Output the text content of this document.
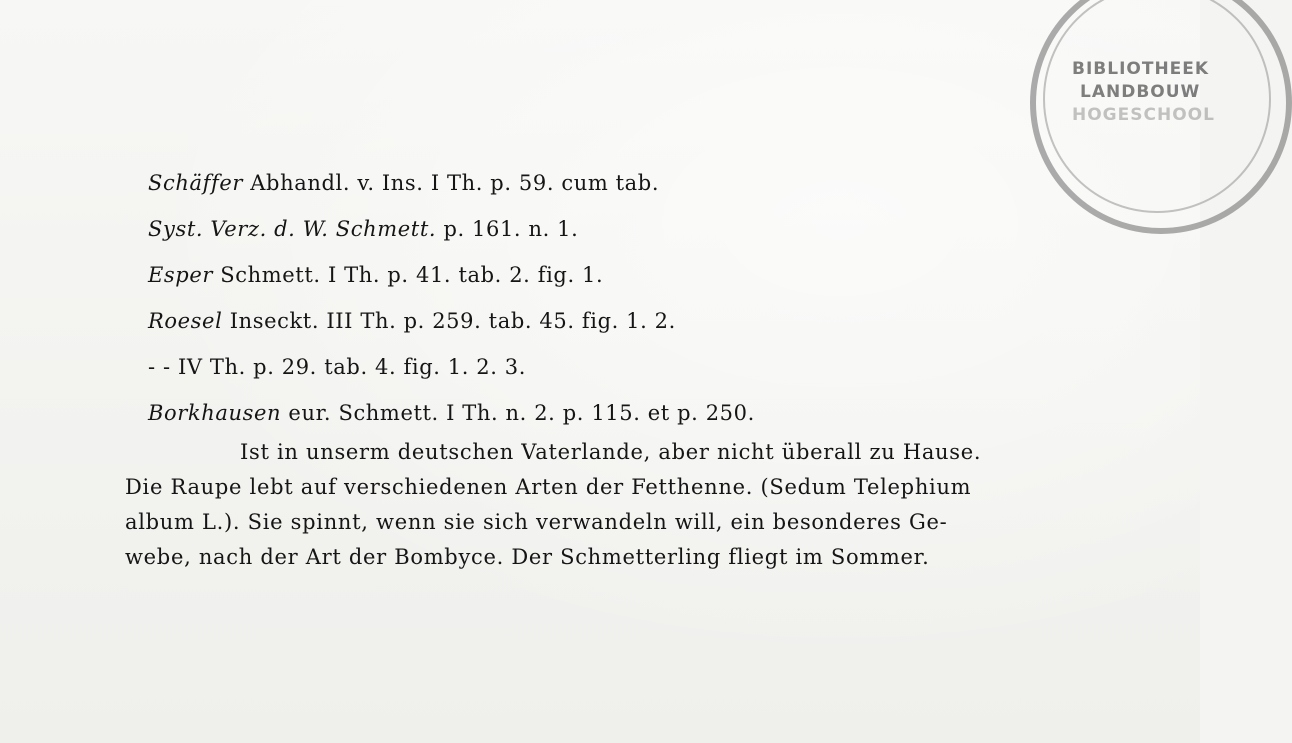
BIBLIOTHEEK
LANDBOUW
HOGESCHOOL
Schäffer Abhandl. v. Ins. I Th. p. 59. cum tab.
Syst. Verz. d. W. Schmett. p. 161. n. 1.
Esper Schmett. I Th. p. 41. tab. 2. fig. 1.
Roesel Inseckt. III Th. p. 259. tab. 45. fig. 1. 2.
- - IV Th. p. 29. tab. 4. fig. 1. 2. 3.
Borkhausen eur. Schmett. I Th. n. 2. p. 115. et p. 250.
Ist in unserm deutschen Vaterlande, aber nicht überall zu Hause.
Die Raupe lebt auf verschiedenen Arten der Fetthenne. (Sedum Telephium
album L.). Sie spinnt, wenn sie sich verwandeln will, ein besonderes Ge-
webe, nach der Art der Bombyce. Der Schmetterling fliegt im Sommer.
